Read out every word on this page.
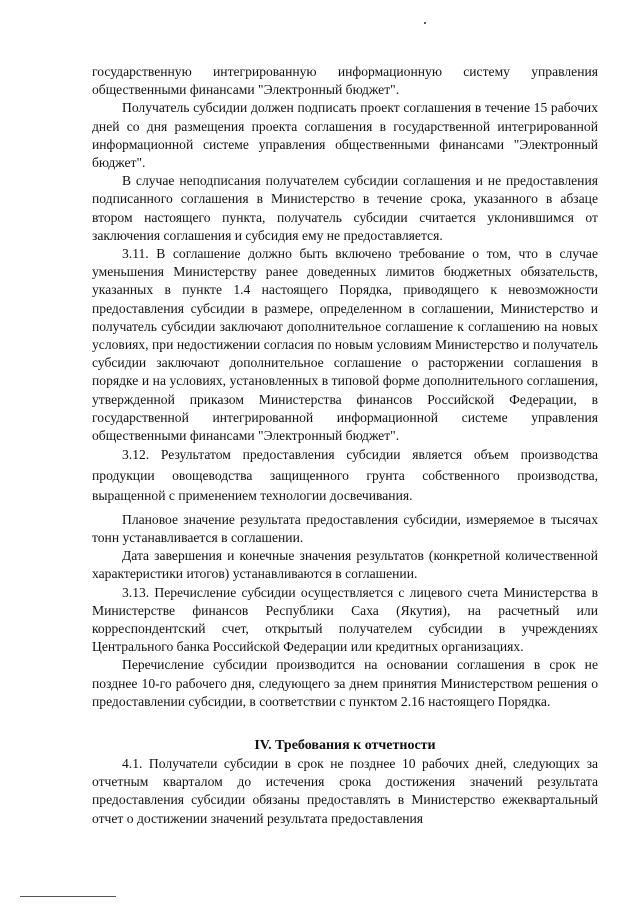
государственную интегрированную информационную систему управления общественными финансами "Электронный бюджет".

Получатель субсидии должен подписать проект соглашения в течение 15 рабочих дней со дня размещения проекта соглашения в государственной интегрированной информационной системе управления общественными финансами "Электронный бюджет".

В случае неподписания получателем субсидии соглашения и не предоставления подписанного соглашения в Министерство в течение срока, указанного в абзаце втором настоящего пункта, получатель субсидии считается уклонившимся от заключения соглашения и субсидия ему не предоставляется.

3.11. В соглашение должно быть включено требование о том, что в случае уменьшения Министерству ранее доведенных лимитов бюджетных обязательств, указанных в пункте 1.4 настоящего Порядка, приводящего к невозможности предоставления субсидии в размере, определенном в соглашении, Министерство и получатель субсидии заключают дополнительное соглашение к соглашению на новых условиях, при недостижении согласия по новым условиям Министерство и получатель субсидии заключают дополнительное соглашение о расторжении соглашения в порядке и на условиях, установленных в типовой форме дополнительного соглашения, утвержденной приказом Министерства финансов Российской Федерации, в государственной интегрированной информационной системе управления общественными финансами "Электронный бюджет".

3.12. Результатом предоставления субсидии является объем производства продукции овощеводства защищенного грунта собственного производства, выращенной с применением технологии досвечивания.

Плановое значение результата предоставления субсидии, измеряемое в тысячах тонн устанавливается в соглашении.

Дата завершения и конечные значения результатов (конкретной количественной характеристики итогов) устанавливаются в соглашении.

3.13. Перечисление субсидии осуществляется с лицевого счета Министерства в Министерстве финансов Республики Саха (Якутия), на расчетный или корреспондентский счет, открытый получателем субсидии в учреждениях Центрального банка Российской Федерации или кредитных организациях.

Перечисление субсидии производится на основании соглашения в срок не позднее 10-го рабочего дня, следующего за днем принятия Министерством решения о предоставлении субсидии, в соответствии с пунктом 2.16 настоящего Порядка.

IV. Требования к отчетности

4.1. Получатели субсидии в срок не позднее 10 рабочих дней, следующих за отчетным кварталом до истечения срока достижения значений результата предоставления субсидии обязаны предоставлять в Министерство ежеквартальный отчет о достижении значений результата предоставления
